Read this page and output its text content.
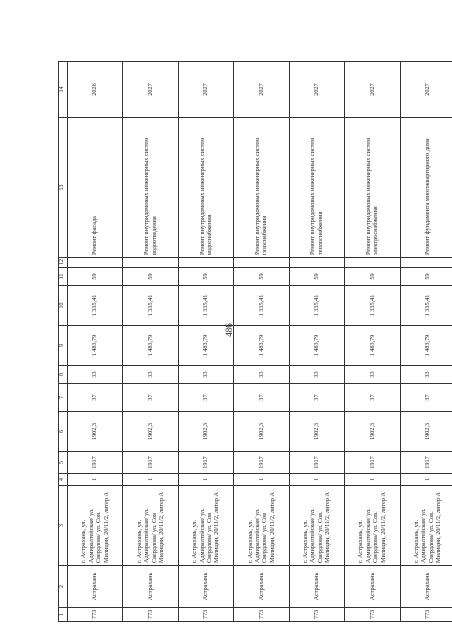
486
1	2	3	4	5	6	7	8	9	10	11	12	13	14
773	Астрахань	г. Астрахань, ул. Адмиралтейская/ ул. Свердлова/ ул. Сов. Милиции, 20/11/2, литер А	1	1917	1902,3	37	33	1 483,79	1 335,41	59		Ремонт фасада	2026
773	Астрахань	г. Астрахань, ул. Адмиралтейская/ ул. Свердлова/ ул. Сов Милиции, 20/11/2, литер А	1	1917	1902,3	37	33	1 483,79	1 335,41	59		Ремонт внутридомовых инженерных систем водоотведения	2027
773	Астрахань	г. Астрахань, ул. Адмиралтейская/ ул. Свердлова/ ул. Сов Милиции, 20/11/2, литер А	1	1917	1902,3	37	33	1 483,79	1 335,41	59		Ремонт внутридомовых инженерных систем водоснабжения	2027
773	Астрахань	г. Астрахань, ул. Адмиралтейская/ ул. Свердлова/ ул. Сов Милиции, 20/11/2, литер А	1	1917	1902,3	37	33	1 483,79	1 335,41	59		Ремонт внутридомовых инженерных систем газоснабжения	2027
773	Астрахань	г. Астрахань, ул. Адмиралтейская/ ул. Свердлова/ ул. Сов. Милиции, 20/11/2, литер А	1	1917	1902,3	37	33	1 483,79	1 335,41	59		Ремонт внутридомовых инженерных систем теплоснабжения	2027
773	Астрахань	г. Астрахань, ул. Адмиралтейская/ ул. Свердлова/ ул. Сов. Милиции, 20/11/2, литер А	1	1917	1902,3	37	33	1 483,79	1 335,41	59		Ремонт внутридомовых инженерных систем электроснабжения	2027
773	Астрахань	г. Астрахань, ул. Адмиралтейская/ ул. Свердлова/ ул. Сов. Милиции, 20/11/2, литер А	1	1917	1902,3	37	33	1 483,79	1 335,41	59		Ремонт фундамента многоквартирного дома	2027
